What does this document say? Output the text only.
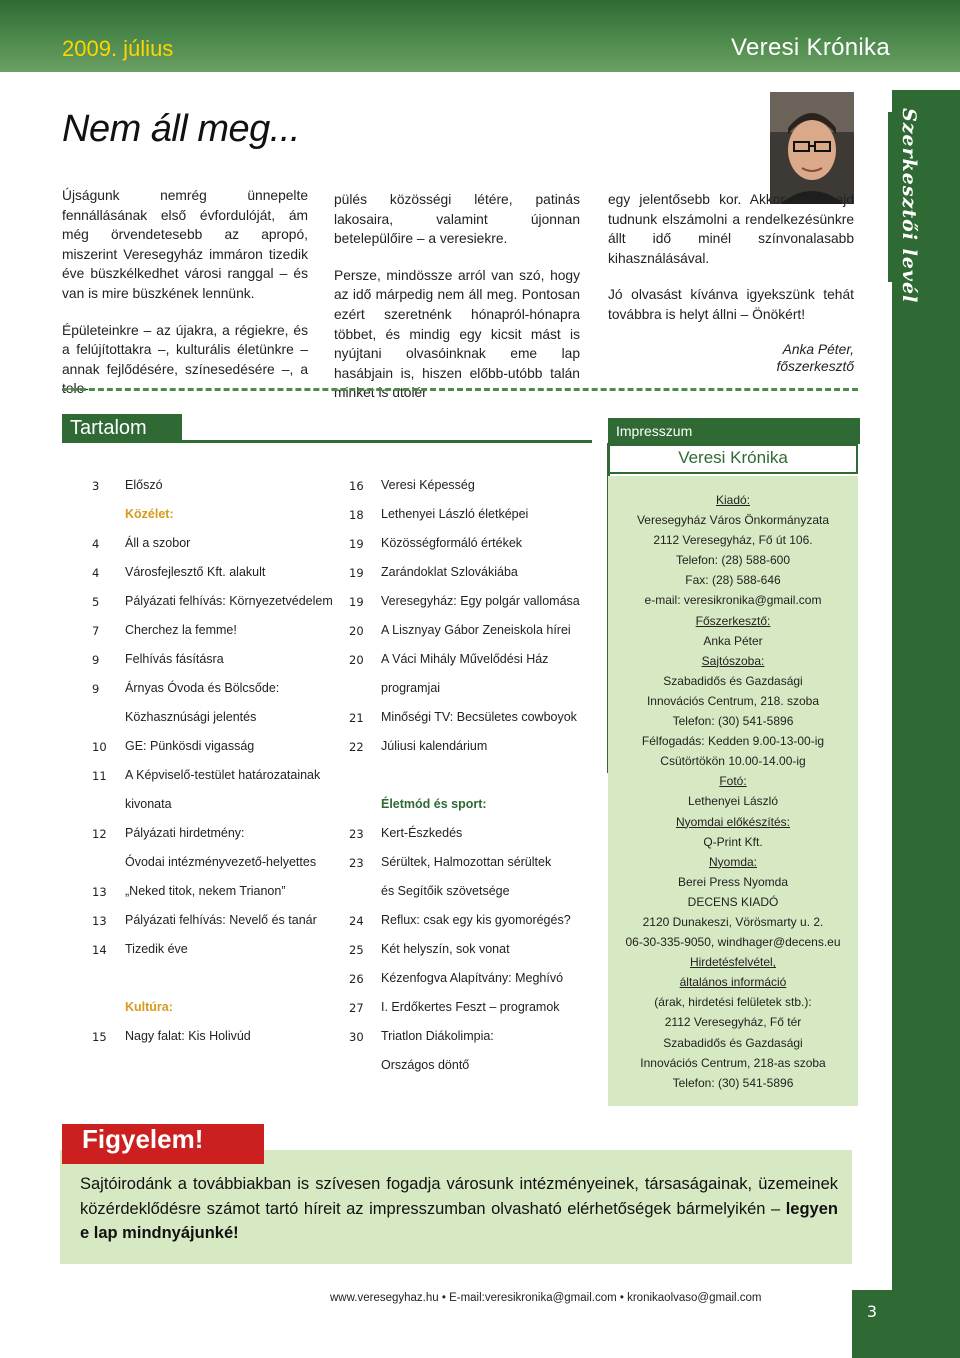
2009. július	Veresi Krónika
Szerkesztői levél
Nem áll meg...

Újságunk nemrég ünnepelte fennállásának első évfordulóját, ám még örvendetesebb az apropó, miszerint Veresegyház immáron tizedik éve büszkélkedhet városi ranggal – és van is mire büszkének lennünk.

Épületeinkre – az újakra, a régiekre, és a felújítottakra –, kulturális életünkre – annak fejlődésére, színesedésére –, a tele-

pülés közösségi létére, patinás lakosaira, valamint újonnan betelepülőire – a veresiekre.

Persze, mindössze arról van szó, hogy az idő márpedig nem áll meg. Pontosan ezért szeretnénk hónapról-hónapra többet, és mindig egy kicsit mást is nyújtani olvasóinknak eme lap hasábjain is, hiszen előbb-utóbb talán minket is utolér

egy jelentősebb kor. Akkor kell majd tudnunk elszámolni a rendelkezésünkre állt idő minél színvonalasabb kihasználásával.

Jó olvasást kívánva igyekszünk tehát továbbra is helyt állni – Önökért!

Anka Péter,
főszerkesztő
Tartalom
3	Előszó
Közélet:
4	Áll a szobor
4	Városfejlesztő Kft. alakult
5	Pályázati felhívás: Környezetvédelem
7	Cherchez la femme!
9	Felhívás fásításra
9	Árnyas Óvoda és Bölcsőde:
Közhasznúsági jelentés
10	GE: Pünkösdi vigasság
11	A Képviselő-testület határozatainak
kivonata
12	Pályázati hirdetmény:
Óvodai intézményvezető-helyettes
13	„Neked titok, nekem Trianon”
13	Pályázati felhívás: Nevelő és tanár
14	Tizedik éve
Kultúra:
15	Nagy falat: Kis Holivúd
16	Veresi Képesség
18	Lethenyei László életképei
19	Közösségformáló értékek
19	Zarándoklat Szlovákiába
19	Veresegyház: Egy polgár vallomása
20	A Lisznyay Gábor Zeneiskola hírei
20	A Váci Mihály Művelődési Ház
programjai
21	Minőségi TV: Becsületes cowboyok
22	Júliusi kalendárium
Életmód és sport:
23	Kert-Észkedés
23	Sérültek, Halmozottan sérültek
és Segítőik szövetsége
24	Reflux: csak egy kis gyomorégés?
25	Két helyszín, sok vonat
26	Kézenfogva Alapítvány: Meghívó
27	I. Erdőkertes Feszt – programok
30	Triatlon Diákolimpia:
Országos döntő
Impresszum
Veresi Krónika
Kiadó:
Veresegyház Város Önkormányzata
2112 Veresegyház, Fő út 106.
Telefon: (28) 588-600
Fax: (28) 588-646
e-mail: veresikronika@gmail.com
Főszerkesztő:
Anka Péter
Sajtószoba:
Szabadidős és Gazdasági
Innovációs Centrum, 218. szoba
Telefon: (30) 541-5896
Félfogadás: Kedden 9.00-13-00-ig
Csütörtökön 10.00-14.00-ig
Fotó:
Lethenyei László
Nyomdai előkészítés:
Q-Print Kft.
Nyomda:
Berei Press Nyomda
DECENS KIADÓ
2120 Dunakeszi, Vörösmarty u. 2.
06-30-335-9050, windhager@decens.eu
Hirdetésfelvétel,
általános információ
(árak, hirdetési felületek stb.):
2112 Veresegyház, Fő tér
Szabadidős és Gazdasági
Innovációs Centrum, 218-as szoba
Telefon: (30) 541-5896
Figyelem!
Sajtóirodánk a továbbiakban is szívesen fogadja városunk intézményeinek, társaságainak, üzemeinek közérdeklődésre számot tartó híreit az impresszumban olvasható elérhetőségek bármelyikén – legyen e lap mindnyájunké!
www.veresegyhaz.hu • E-mail:veresikronika@gmail.com • kronikaolvaso@gmail.com
3
